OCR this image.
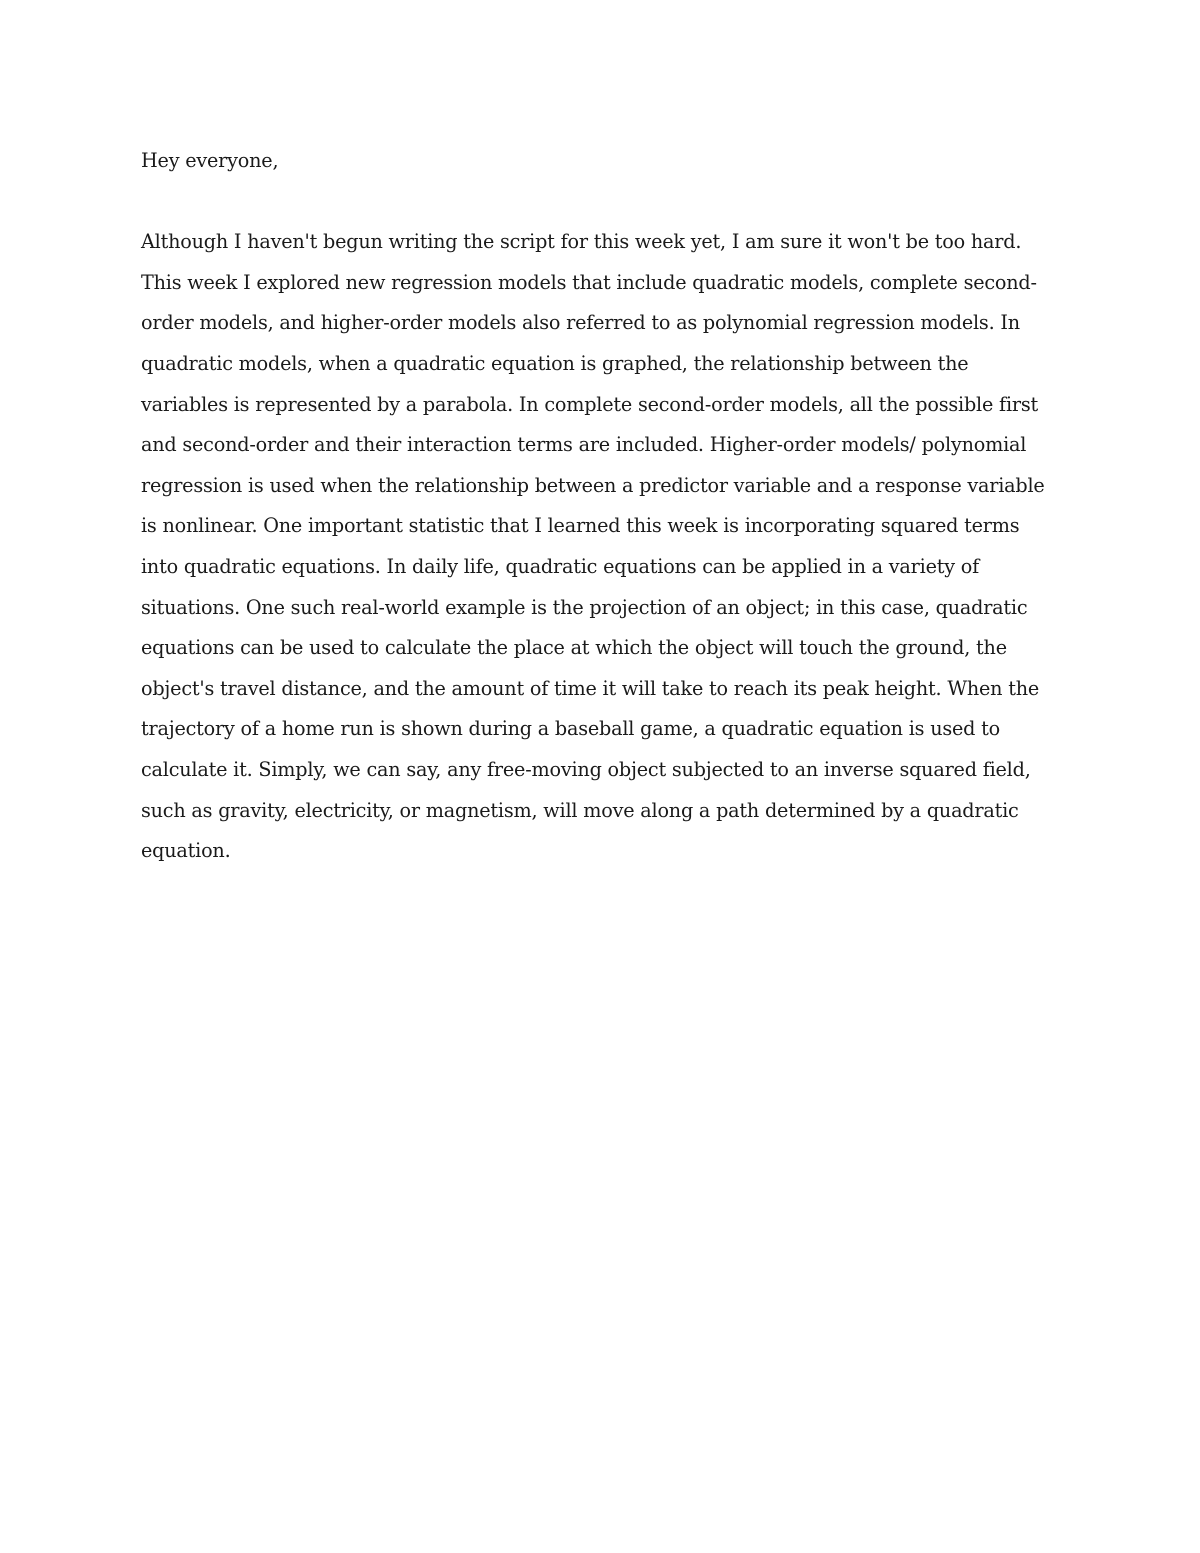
Hey everyone,
Although I haven't begun writing the script for this week yet, I am sure it won't be too hard.
This week I explored new regression models that include quadratic models, complete second-
order models, and higher-order models also referred to as polynomial regression models. In
quadratic models, when a quadratic equation is graphed, the relationship between the
variables is represented by a parabola. In complete second-order models, all the possible first
and second-order and their interaction terms are included. Higher-order models/ polynomial
regression is used when the relationship between a predictor variable and a response variable
is nonlinear. One important statistic that I learned this week is incorporating squared terms
into quadratic equations. In daily life, quadratic equations can be applied in a variety of
situations. One such real-world example is the projection of an object; in this case, quadratic
equations can be used to calculate the place at which the object will touch the ground, the
object's travel distance, and the amount of time it will take to reach its peak height. When the
trajectory of a home run is shown during a baseball game, a quadratic equation is used to
calculate it. Simply, we can say, any free-moving object subjected to an inverse squared field,
such as gravity, electricity, or magnetism, will move along a path determined by a quadratic
equation.
